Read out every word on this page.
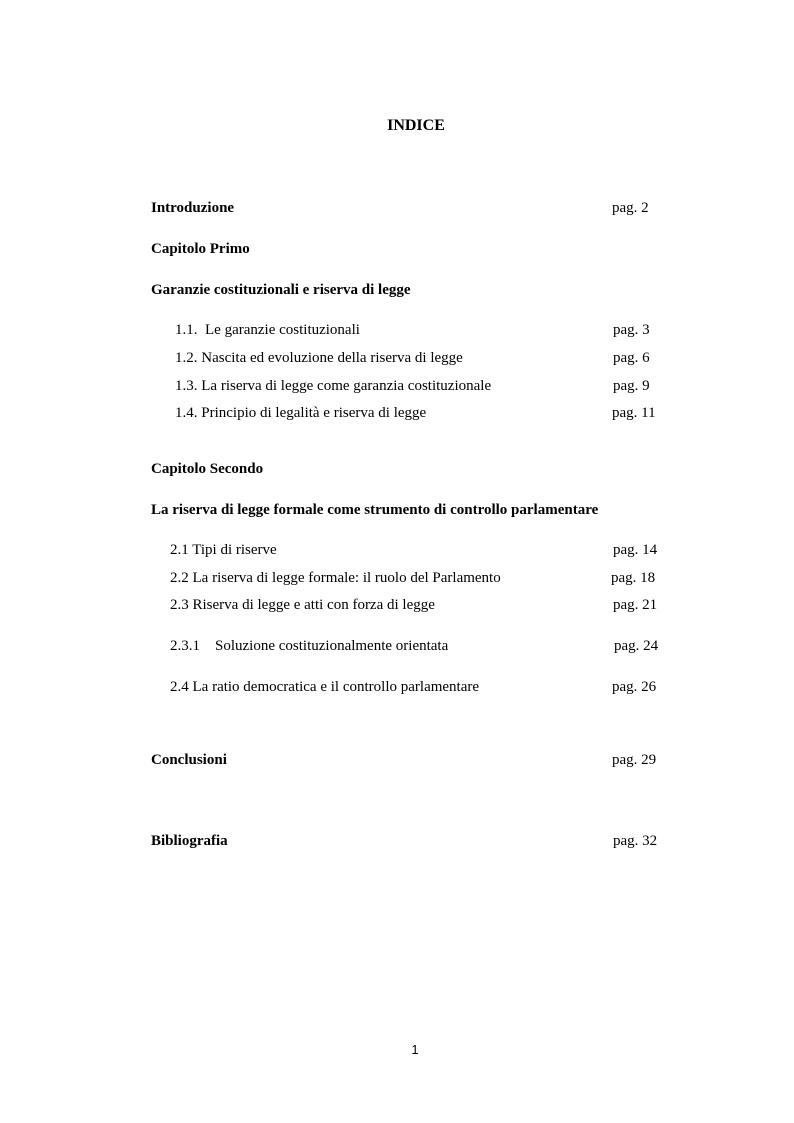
INDICE
Introduzione	pag. 2
Capitolo Primo
Garanzie costituzionali e riserva di legge
1.1.  Le garanzie costituzionali	pag. 3
1.2. Nascita ed evoluzione della riserva di legge	pag. 6
1.3. La riserva di legge come garanzia costituzionale	pag. 9
1.4. Principio di legalità e riserva di legge	pag. 11
Capitolo Secondo
La riserva di legge formale come strumento di controllo parlamentare
2.1 Tipi di riserve	pag. 14
2.2 La riserva di legge formale: il ruolo del Parlamento	pag. 18
2.3 Riserva di legge e atti con forza di legge	pag. 21
2.3.1    Soluzione costituzionalmente orientata	pag. 24
2.4 La ratio democratica e il controllo parlamentare	pag. 26
Conclusioni	pag. 29
Bibliografia	pag. 32
1
